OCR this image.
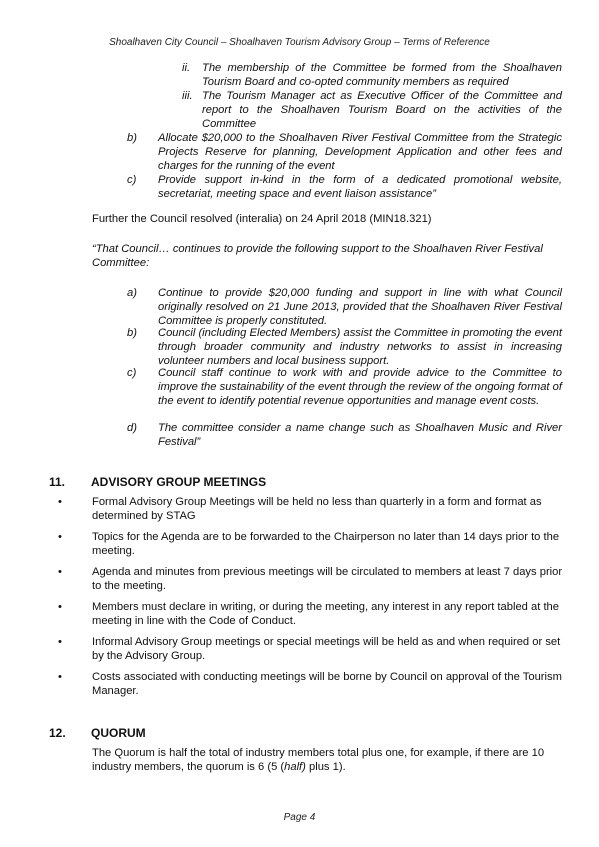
Shoalhaven City Council – Shoalhaven Tourism Advisory Group – Terms of Reference
ii.	The membership of the Committee be formed from the Shoalhaven Tourism Board and co-opted community members as required
iii. The Tourism Manager act as Executive Officer of the Committee and report to the Shoalhaven Tourism Board on the activities of the Committee
b)	Allocate $20,000 to the Shoalhaven River Festival Committee from the Strategic Projects Reserve for planning, Development Application and other fees and charges for the running of the event
c)	Provide support in-kind in the form of a dedicated promotional website, secretariat, meeting space and event liaison assistance”
Further the Council resolved (interalia) on 24 April 2018 (MIN18.321)
“That Council… continues to provide the following support to the Shoalhaven River Festival Committee:
a)	Continue to provide $20,000 funding and support in line with what Council originally resolved on 21 June 2013, provided that the Shoalhaven River Festival Committee is properly constituted.
b)	Council (including Elected Members) assist the Committee in promoting the event through broader community and industry networks to assist in increasing volunteer numbers and local business support.
c)	Council staff continue to work with and provide advice to the Committee to improve the sustainability of the event through the review of the ongoing format of the event to identify potential revenue opportunities and manage event costs.
d)	The committee consider a name change such as Shoalhaven Music and River Festival”
11. ADVISORY GROUP MEETINGS
•	Formal Advisory Group Meetings will be held no less than quarterly in a form and format as determined by STAG
•	Topics for the Agenda are to be forwarded to the Chairperson no later than 14 days prior to the meeting.
•	Agenda and minutes from previous meetings will be circulated to members at least 7 days prior to the meeting.
•	Members must declare in writing, or during the meeting, any interest in any report tabled at the meeting in line with the Code of Conduct.
•	Informal Advisory Group meetings or special meetings will be held as and when required or set by the Advisory Group.
•	Costs associated with conducting meetings will be borne by Council on approval of the Tourism Manager.
12. QUORUM
The Quorum is half the total of industry members total plus one, for example, if there are 10 industry members, the quorum is 6 (5 (half) plus 1).
Page 4
